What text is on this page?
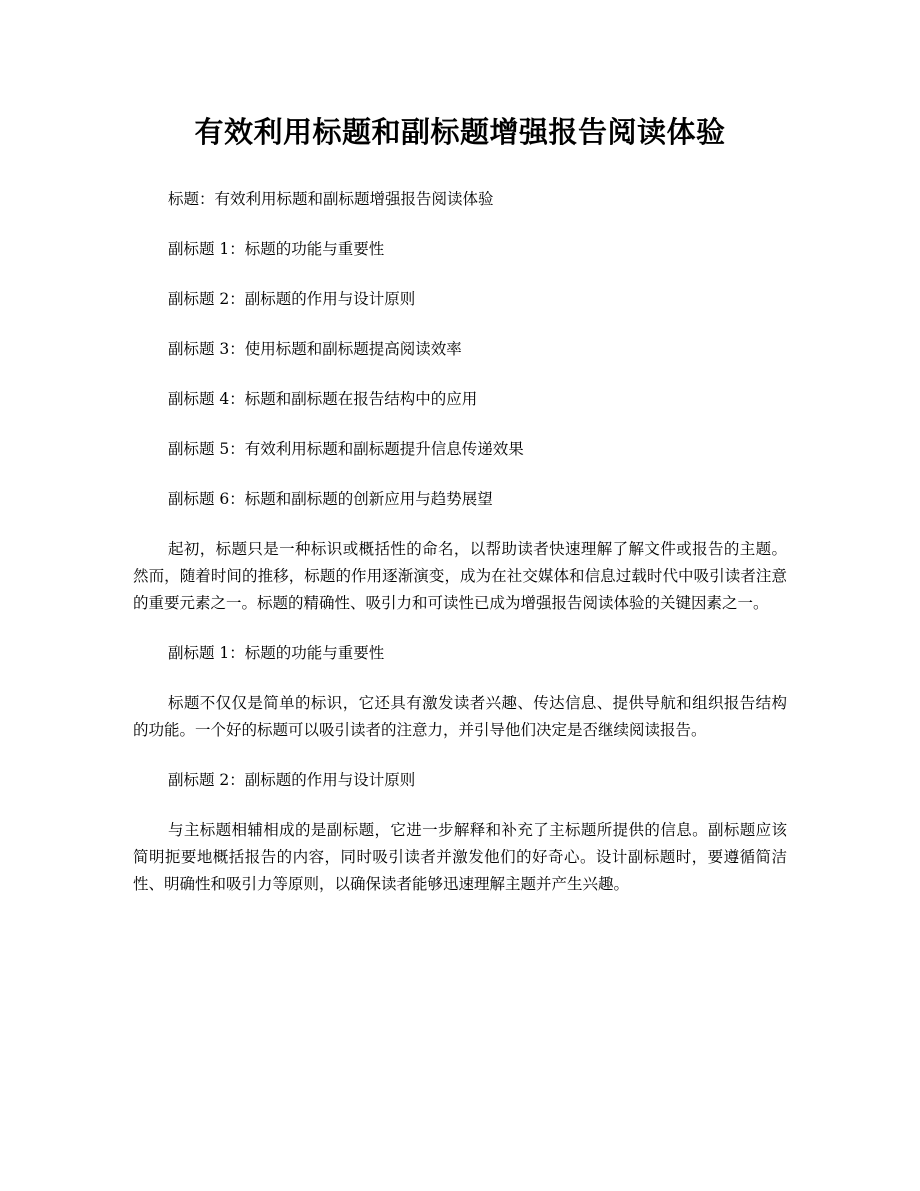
有效利用标题和副标题增强报告阅读体验

标题：有效利用标题和副标题增强报告阅读体验

副标题 1：标题的功能与重要性

副标题 2：副标题的作用与设计原则

副标题 3：使用标题和副标题提高阅读效率

副标题 4：标题和副标题在报告结构中的应用

副标题 5：有效利用标题和副标题提升信息传递效果

副标题 6：标题和副标题的创新应用与趋势展望

起初，标题只是一种标识或概括性的命名，以帮助读者快速理解了解文件或报告的主题。然而，随着时间的推移，标题的作用逐渐演变，成为在社交媒体和信息过载时代中吸引读者注意的重要元素之一。标题的精确性、吸引力和可读性已成为增强报告阅读体验的关键因素之一。

副标题 1：标题的功能与重要性

标题不仅仅是简单的标识，它还具有激发读者兴趣、传达信息、提供导航和组织报告结构的功能。一个好的标题可以吸引读者的注意力，并引导他们决定是否继续阅读报告。

副标题 2：副标题的作用与设计原则

与主标题相辅相成的是副标题，它进一步解释和补充了主标题所提供的信息。副标题应该简明扼要地概括报告的内容，同时吸引读者并激发他们的好奇心。设计副标题时，要遵循简洁性、明确性和吸引力等原则，以确保读者能够迅速理解主题并产生兴趣。
